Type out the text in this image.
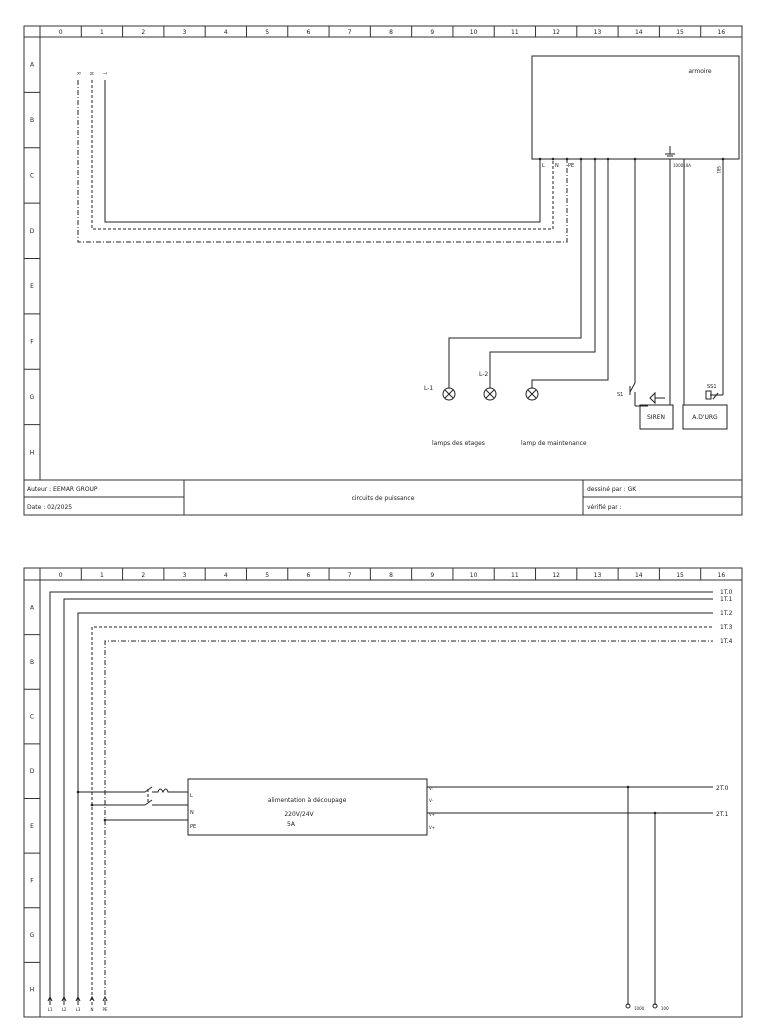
0	1	2	3	4	5	6	7	8	9	10	11	12	13	14	15	16
A
B
C
D
E
F
G
H
Auteur : EEMAR GROUP
Date : 02/2025
circuits de puissance
dessiné par : GK
vérifié par :
R N T	armoire
L N PE	100010A
SB1
L-1
L-2
lamps des etages	lamp de maintenance
S1
SIREN
SS1
A.D'URG
0	1	2	3	4	5	6	7	8	9	10	11	12	13	14	15	16
A
B
C
D
E
F
G
H
1T.0
1T.1
1T.2
1T.3
1T.4
L1 L2 L3	N PE
alimentation à découpage
220V/24V
5A
L
N
PE
V-
V-
V+
V+
1000	100
2T.0
2T.1
